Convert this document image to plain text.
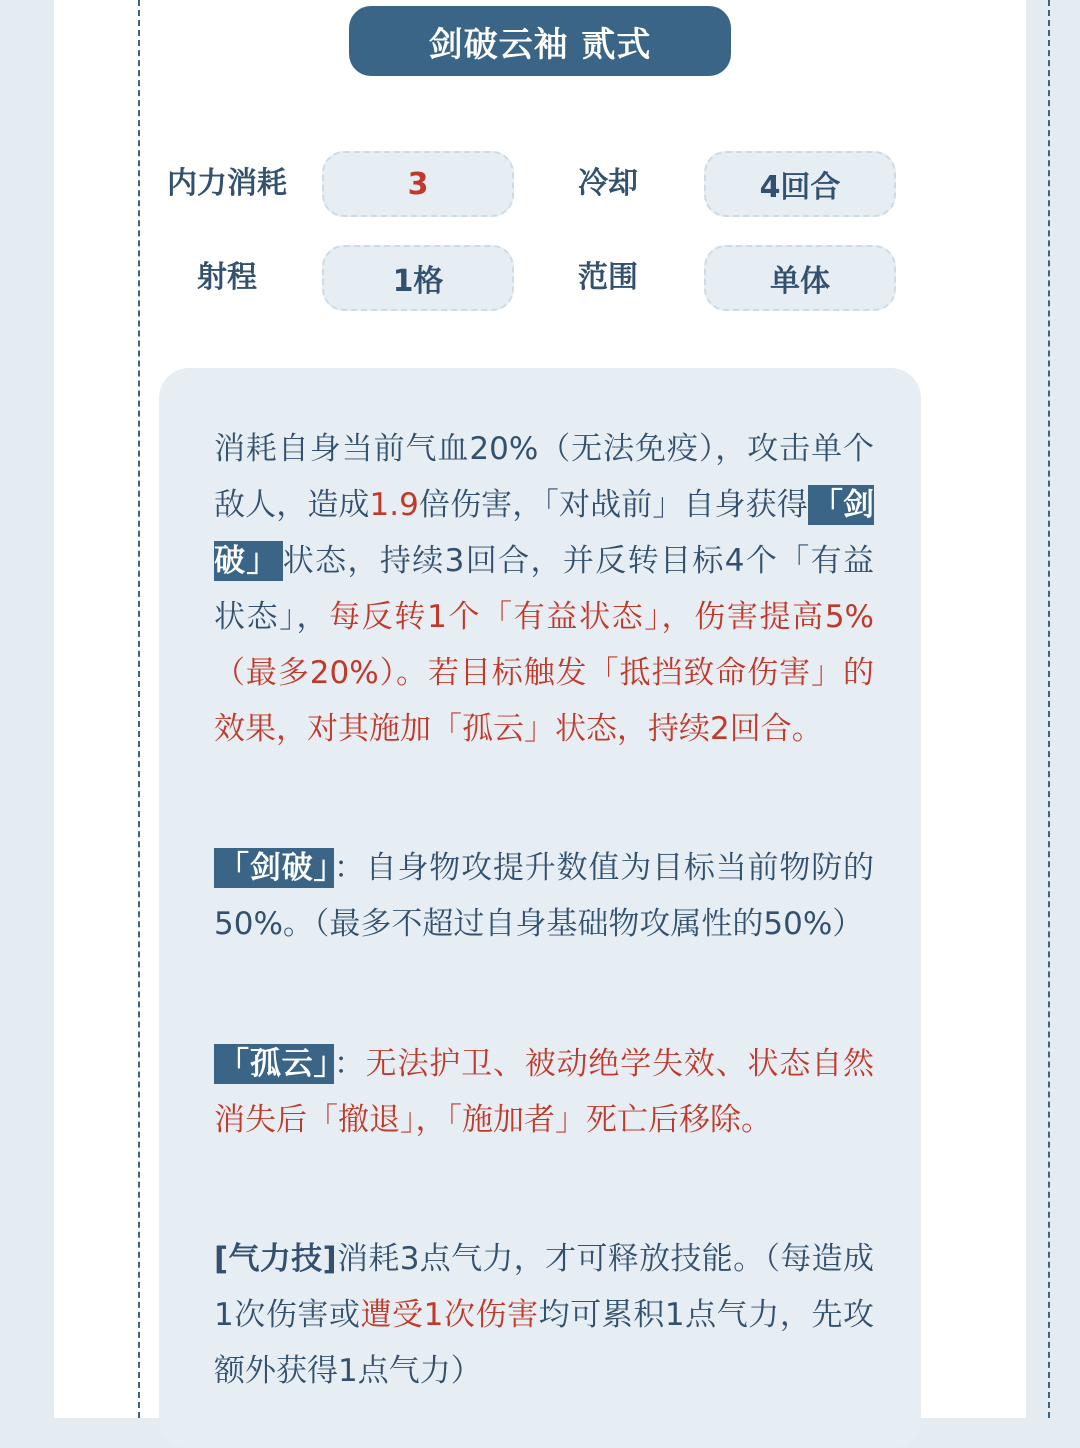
剑破云袖 贰式
内力消耗	3	冷却	4回合
射程	1格	范围	单体
消耗自身当前气血20%（无法免疫），攻击单个敌人，造成1.9倍伤害，「对战前」自身获得 「剑破」 状态，持续3回合，并反转目标4个「有益状态」，每反转1个「有益状态」，伤害提高5%（最多20%）。若目标触发「抵挡致命伤害」的效果，对其施加「孤云」状态，持续2回合。
「剑破」 ：自身物攻提升数值为目标当前物防的50%。（最多不超过自身基础物攻属性的50%）
「孤云」 ：无法护卫、被动绝学失效、状态自然消失后「撤退」，「施加者」死亡后移除。
[气力技]消耗3点气力，才可释放技能。（每造成1次伤害或遭受1次伤害均可累积1点气力，先攻额外获得1点气力）
